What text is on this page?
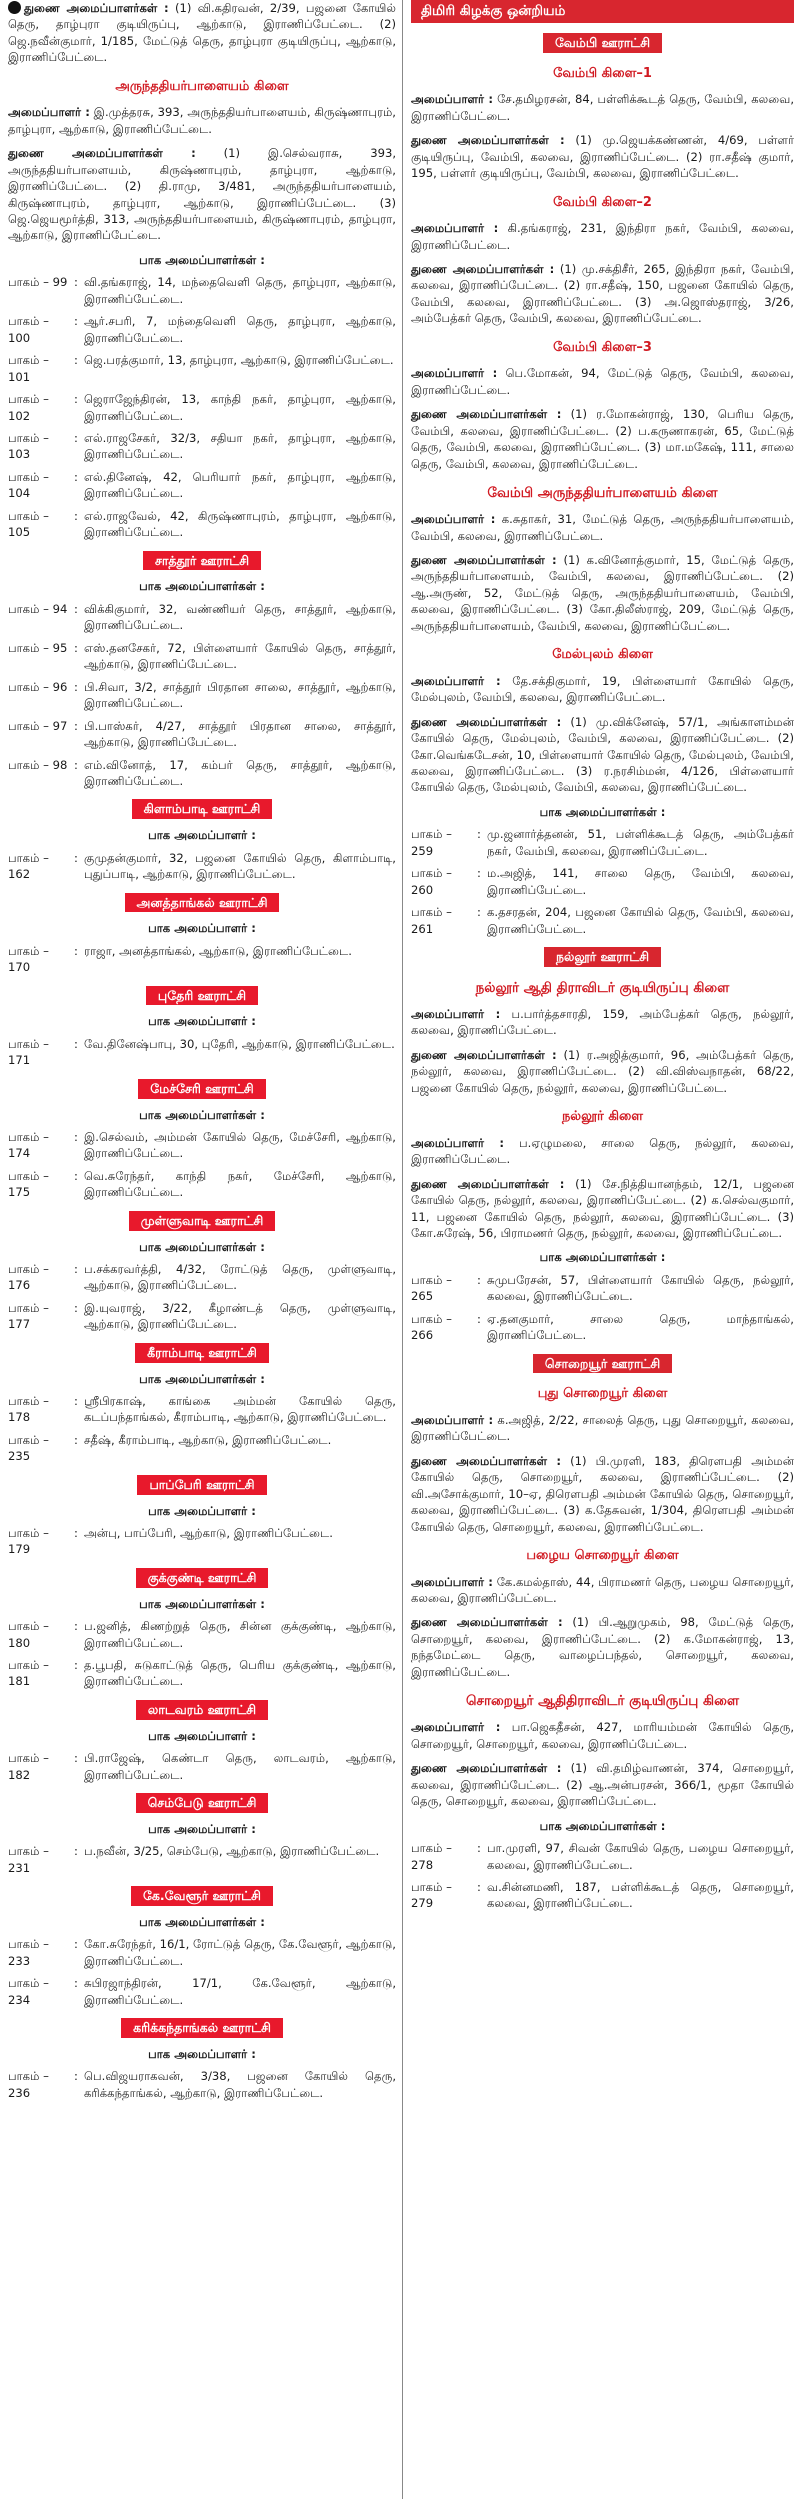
துணை அமைப்பாளர்கள் : (1) வி.கதிரவன், 2/39, பஜனை கோயில் தெரு, தாழ்புரா குடியிருப்பு, ஆற்காடு, இராணிப்பேட்டை. (2) ஜெ.நவீன்குமார், 1/185, மேட்டுத் தெரு, தாழ்புரா குடியிருப்பு, ஆற்காடு, இராணிப்பேட்டை.

அருந்ததியர்பாளையம் கிளை

அமைப்பாளர் : இ.முத்தரசு, 393, அருந்ததியர்பாளையம், கிருஷ்ணாபுரம், தாழ்புரா, ஆற்காடு, இராணிப்பேட்டை.

துணை அமைப்பாளர்கள் : (1) இ.செல்வராசு, 393, அருந்ததியர்பாளையம், கிருஷ்ணாபுரம், தாழ்புரா, ஆற்காடு, இராணிப்பேட்டை. (2) தி.ராமு, 3/481, அருந்ததியர்பாளையம், கிருஷ்ணாபுரம், தாழ்புரா, ஆற்காடு, இராணிப்பேட்டை. (3) ஜெ.ஜெயமூர்த்தி, 313, அருந்ததியர்பாளையம், கிருஷ்ணாபுரம், தாழ்புரா, ஆற்காடு, இராணிப்பேட்டை.

பாக அமைப்பாளர்கள் :
பாகம் – 99 : வி.தங்கராஜ், 14, மந்தைவெளி தெரு, தாழ்புரா, ஆற்காடு, இராணிப்பேட்டை.
பாகம் – 100
: ஆர்.சபரி, 7, மந்தைவெளி தெரு, தாழ்புரா, ஆற்காடு, இராணிப்பேட்டை.
பாகம் – 101
: ஜெ.பரத்குமார், 13, தாழ்புரா, ஆற்காடு, இராணிப்பேட்டை.
பாகம் – 102
: ஜெராஜேந்திரன், 13, காந்தி நகர், தாழ்புரா, ஆற்காடு, இராணிப்பேட்டை.
பாகம் – 103
: எல்.ராஜசேகர், 32/3, சதியா நகர், தாழ்புரா, ஆற்காடு, இராணிப்பேட்டை.
பாகம் – 104
: எல்.தினேஷ், 42, பெரியார் நகர், தாழ்புரா, ஆற்காடு, இராணிப்பேட்டை.
பாகம் – 105
: எல்.ராஜவேல், 42, கிருஷ்ணாபுரம், தாழ்புரா, ஆற்காடு, இராணிப்பேட்டை.
சாத்தூர் ஊராட்சி
பாக அமைப்பாளர்கள் :
பாகம் – 94 : விக்கிகுமார், 32, வண்ணியர் தெரு, சாத்தூர், ஆற்காடு, இராணிப்பேட்டை.
பாகம் – 95 : எஸ்.தனசேகர், 72, பிள்ளையார் கோயில் தெரு, சாத்தூர், ஆற்காடு, இராணிப்பேட்டை.
பாகம் – 96 : பி.சிவா, 3/2, சாத்தூர் பிரதான சாலை, சாத்தூர், ஆற்காடு, இராணிப்பேட்டை.
பாகம் – 97 : பி.பாஸ்கர், 4/27, சாத்தூர் பிரதான சாலை, சாத்தூர், ஆற்காடு, இராணிப்பேட்டை.
பாகம் – 98 : எம்.வினோத், 17, கம்பர் தெரு, சாத்தூர், ஆற்காடு, இராணிப்பேட்டை.
கிளாம்பாடி ஊராட்சி
பாக அமைப்பாளர் :
பாகம் – 162
: குமுதன்குமார், 32, பஜனை கோயில் தெரு, கிளாம்பாடி, புதுப்பாடி, ஆற்காடு, இராணிப்பேட்டை.
அனத்தாங்கல் ஊராட்சி
பாக அமைப்பாளர் :
பாகம் – 170
: ராஜா, அனத்தாங்கல், ஆற்காடு, இராணிப்பேட்டை.
புதேரி ஊராட்சி
பாக அமைப்பாளர் :
பாகம் – 171
: வே.தினேஷ்பாபு, 30, புதேரி, ஆற்காடு, இராணிப்பேட்டை.
மேச்சேரி ஊராட்சி
பாக அமைப்பாளர்கள் :
பாகம் – 174
: இ.செல்வம், அம்மன் கோயில் தெரு, மேச்சேரி, ஆற்காடு, இராணிப்பேட்டை.
பாகம் – 175
: வெ.சுரேந்தர், காந்தி நகர், மேச்சேரி, ஆற்காடு, இராணிப்பேட்டை.
முள்ளுவாடி ஊராட்சி
பாக அமைப்பாளர்கள் :
பாகம் – 176
: ப.சக்கரவர்த்தி, 4/32, ரோட்டுத் தெரு, முள்ளுவாடி, ஆற்காடு, இராணிப்பேட்டை.
பாகம் – 177
: இ.யுவராஜ், 3/22, கீழாண்டத் தெரு, முள்ளுவாடி, ஆற்காடு, இராணிப்பேட்டை.
கீராம்பாடி ஊராட்சி
பாக அமைப்பாளர்கள் :
பாகம் – 178
: ஸ்ரீபிரகாஷ், காங்கை அம்மன் கோயில் தெரு, கடப்பந்தாங்கல், கீராம்பாடி, ஆற்காடு, இராணிப்பேட்டை.
பாகம் – 235
: சதீஷ், கீராம்பாடி, ஆற்காடு, இராணிப்பேட்டை.
பாப்பேரி ஊராட்சி
பாக அமைப்பாளர் :
பாகம் – 179
: அன்பு, பாப்பேரி, ஆற்காடு, இராணிப்பேட்டை.
குக்குண்டி ஊராட்சி
பாக அமைப்பாளர்கள் :
பாகம் – 180
: ப.ஜனித், கிணற்றுத் தெரு, சின்ன குக்குண்டி, ஆற்காடு, இராணிப்பேட்டை.
பாகம் – 181
: த.பூபதி, சுடுகாட்டுத் தெரு, பெரிய குக்குண்டி, ஆற்காடு, இராணிப்பேட்டை.
லாடவரம் ஊராட்சி
பாக அமைப்பாளர் :
பாகம் – 182
: பி.ராஜேஷ், கெண்டா தெரு, லாடவரம், ஆற்காடு, இராணிப்பேட்டை.
செம்பேடு ஊராட்சி
பாக அமைப்பாளர் :
பாகம் – 231
: ப.நவீன், 3/25, செம்பேடு, ஆற்காடு, இராணிப்பேட்டை.
கே.வேளூர் ஊராட்சி
பாக அமைப்பாளர்கள் :
பாகம் – 233
: கோ.சுரேந்தர், 16/1, ரோட்டுத் தெரு, கே.வேளூர், ஆற்காடு, இராணிப்பேட்டை.
பாகம் – 234
: சுபிரஜாந்திரன், 17/1, கே.வேளூர், ஆற்காடு, இராணிப்பேட்டை.
கரிக்கந்தாங்கல் ஊராட்சி
பாக அமைப்பாளர் :
பாகம் – 236
: பெ.விஜயராகவன், 3/38, பஜனை கோயில் தெரு, கரிக்கந்தாங்கல், ஆற்காடு, இராணிப்பேட்டை.
திமிரி கிழக்கு ஒன்றியம்
வேம்பி ஊராட்சி
வேம்பி கிளை–1

அமைப்பாளர் : சே.தமிழரசன், 84, பள்ளிக்கூடத் தெரு, வேம்பி, கலவை, இராணிப்பேட்டை.

துணை அமைப்பாளர்கள் : (1) மு.ஜெயக்கண்ணன், 4/69, பள்ளர் குடியிருப்பு, வேம்பி, கலவை, இராணிப்பேட்டை. (2) ரா.சதீஷ் குமார், 195, பள்ளர் குடியிருப்பு, வேம்பி, கலவை, இராணிப்பேட்டை.

வேம்பி கிளை–2

அமைப்பாளர் : கி.தங்கராஜ், 231, இந்திரா நகர், வேம்பி, கலவை, இராணிப்பேட்டை.

துணை அமைப்பாளர்கள் : (1) மு.சக்திசீர், 265, இந்திரா நகர், வேம்பி, கலவை, இராணிப்பேட்டை. (2) ரா.சதீஷ், 150, பஜனை கோயில் தெரு, வேம்பி, கலவை, இராணிப்பேட்டை. (3) அ.ஜொஸ்தராஜ், 3/26, அம்பேத்கர் தெரு, வேம்பி, கலவை, இராணிப்பேட்டை.

வேம்பி கிளை–3

அமைப்பாளர் : பெ.மோகன், 94, மேட்டுத் தெரு, வேம்பி, கலவை, இராணிப்பேட்டை.

துணை அமைப்பாளர்கள் : (1) ர.மோகன்ராஜ், 130, பெரிய தெரு, வேம்பி, கலவை, இராணிப்பேட்டை. (2) ப.கருணாகரன், 65, மேட்டுத் தெரு, வேம்பி, கலவை, இராணிப்பேட்டை. (3) மா.மகேஷ், 111, சாலை தெரு, வேம்பி, கலவை, இராணிப்பேட்டை.

வேம்பி அருந்ததியர்பாளையம் கிளை

அமைப்பாளர் : க.சுதாகர், 31, மேட்டுத் தெரு, அருந்ததியர்பாளையம், வேம்பி, கலவை, இராணிப்பேட்டை.

துணை அமைப்பாளர்கள் : (1) க.வினோத்குமார், 15, மேட்டுத் தெரு, அருந்ததியர்பாளையம், வேம்பி, கலவை, இராணிப்பேட்டை. (2) ஆ.அருண், 52, மேட்டுத் தெரு, அருந்ததியர்பாளையம், வேம்பி, கலவை, இராணிப்பேட்டை. (3) கோ.திலீஸ்ராஜ், 209, மேட்டுத் தெரு, அருந்ததியர்பாளையம், வேம்பி, கலவை, இராணிப்பேட்டை.

மேல்புலம் கிளை

அமைப்பாளர் : தே.சக்திகுமார், 19, பிள்ளையார் கோயில் தெரு, மேல்புலம், வேம்பி, கலவை, இராணிப்பேட்டை.

துணை அமைப்பாளர்கள் : (1) மு.விக்னேஷ், 57/1, அங்காளம்மன் கோயில் தெரு, மேல்புலம், வேம்பி, கலவை, இராணிப்பேட்டை. (2) கோ.வெங்கடேசன், 10, பிள்ளையார் கோயில் தெரு, மேல்புலம், வேம்பி, கலவை, இராணிப்பேட்டை. (3) ர.நரசிம்மன், 4/126, பிள்ளையார் கோயில் தெரு, மேல்புலம், வேம்பி, கலவை, இராணிப்பேட்டை.

பாக அமைப்பாளர்கள் :
பாகம் – 259
: மு.ஜனார்த்தனன், 51, பள்ளிக்கூடத் தெரு, அம்பேத்கர் நகர், வேம்பி, கலவை, இராணிப்பேட்டை.
பாகம் – 260
: ம.அஜித், 141, சாலை தெரு, வேம்பி, கலவை, இராணிப்பேட்டை.
பாகம் – 261
: க.தசரதன், 204, பஜனை கோயில் தெரு, வேம்பி, கலவை, இராணிப்பேட்டை.
நல்லூர் ஊராட்சி
நல்லூர் ஆதி திராவிடர் குடியிருப்பு கிளை

அமைப்பாளர் : ப.பார்த்தசாரதி, 159, அம்பேத்கர் தெரு, நல்லூர், கலவை, இராணிப்பேட்டை.

துணை அமைப்பாளர்கள் : (1) ர.அஜித்குமார், 96, அம்பேத்கர் தெரு, நல்லூர், கலவை, இராணிப்பேட்டை. (2) வி.விஸ்வநாதன், 68/22, பஜனை கோயில் தெரு, நல்லூர், கலவை, இராணிப்பேட்டை.

நல்லூர் கிளை

அமைப்பாளர் : ப.ஏழுமலை, சாலை தெரு, நல்லூர், கலவை, இராணிப்பேட்டை.

துணை அமைப்பாளர்கள் : (1) சே.நித்தியானந்தம், 12/1, பஜனை கோயில் தெரு, நல்லூர், கலவை, இராணிப்பேட்டை. (2) க.செல்வகுமார், 11, பஜனை கோயில் தெரு, நல்லூர், கலவை, இராணிப்பேட்டை. (3) கோ.சுரேஷ், 56, பிராமணர் தெரு, நல்லூர், கலவை, இராணிப்பேட்டை.

பாக அமைப்பாளர்கள் :
பாகம் – 265
: சுமுபரேசன், 57, பிள்ளையார் கோயில் தெரு, நல்லூர், கலவை, இராணிப்பேட்டை.
பாகம் – 266
: ஏ.தனகுமார், சாலை தெரு, மாந்தாங்கல், இராணிப்பேட்டை.
சொறையூர் ஊராட்சி
புது சொறையூர் கிளை

அமைப்பாளர் : க.அஜித், 2/22, சாலைத் தெரு, புது சொறையூர், கலவை, இராணிப்பேட்டை.

துணை அமைப்பாளர்கள் : (1) பி.முரளி, 183, திரௌபதி அம்மன் கோயில் தெரு, சொறையூர், கலவை, இராணிப்பேட்டை. (2) வி.அசோக்குமார், 10–ஏ, திரௌபதி அம்மன் கோயில் தெரு, சொறையூர், கலவை, இராணிப்பேட்டை. (3) க.தேசுவன், 1/304, திரௌபதி அம்மன் கோயில் தெரு, சொறையூர், கலவை, இராணிப்பேட்டை.

பழைய சொறையூர் கிளை

அமைப்பாளர் : கே.கமல்தாஸ், 44, பிராமணர் தெரு, பழைய சொறையூர், கலவை, இராணிப்பேட்டை.

துணை அமைப்பாளர்கள் : (1) பி.ஆறுமுகம், 98, மேட்டுத் தெரு, சொறையூர், கலவை, இராணிப்பேட்டை. (2) க.மோகன்ராஜ், 13, நந்தமேட்டை தெரு, வாழைப்பந்தல், சொறையூர், கலவை, இராணிப்பேட்டை.

சொறையூர் ஆதிதிராவிடர் குடியிருப்பு கிளை

அமைப்பாளர் : பா.ஜெகதீசன், 427, மாரியம்மன் கோயில் தெரு, சொறையூர், சொறையூர், கலவை, இராணிப்பேட்டை.

துணை அமைப்பாளர்கள் : (1) வி.தமிழ்வாணன், 374, சொறையூர், கலவை, இராணிப்பேட்டை. (2) ஆ.அன்பரசன், 366/1, மூதா கோயில் தெரு, சொறையூர், கலவை, இராணிப்பேட்டை.

பாக அமைப்பாளர்கள் :
பாகம் – 278
: பா.முரளி, 97, சிவன் கோயில் தெரு, பழைய சொறையூர், கலவை, இராணிப்பேட்டை.
பாகம் – 279
: வ.சின்னமணி, 187, பள்ளிக்கூடத் தெரு, சொறையூர், கலவை, இராணிப்பேட்டை.
